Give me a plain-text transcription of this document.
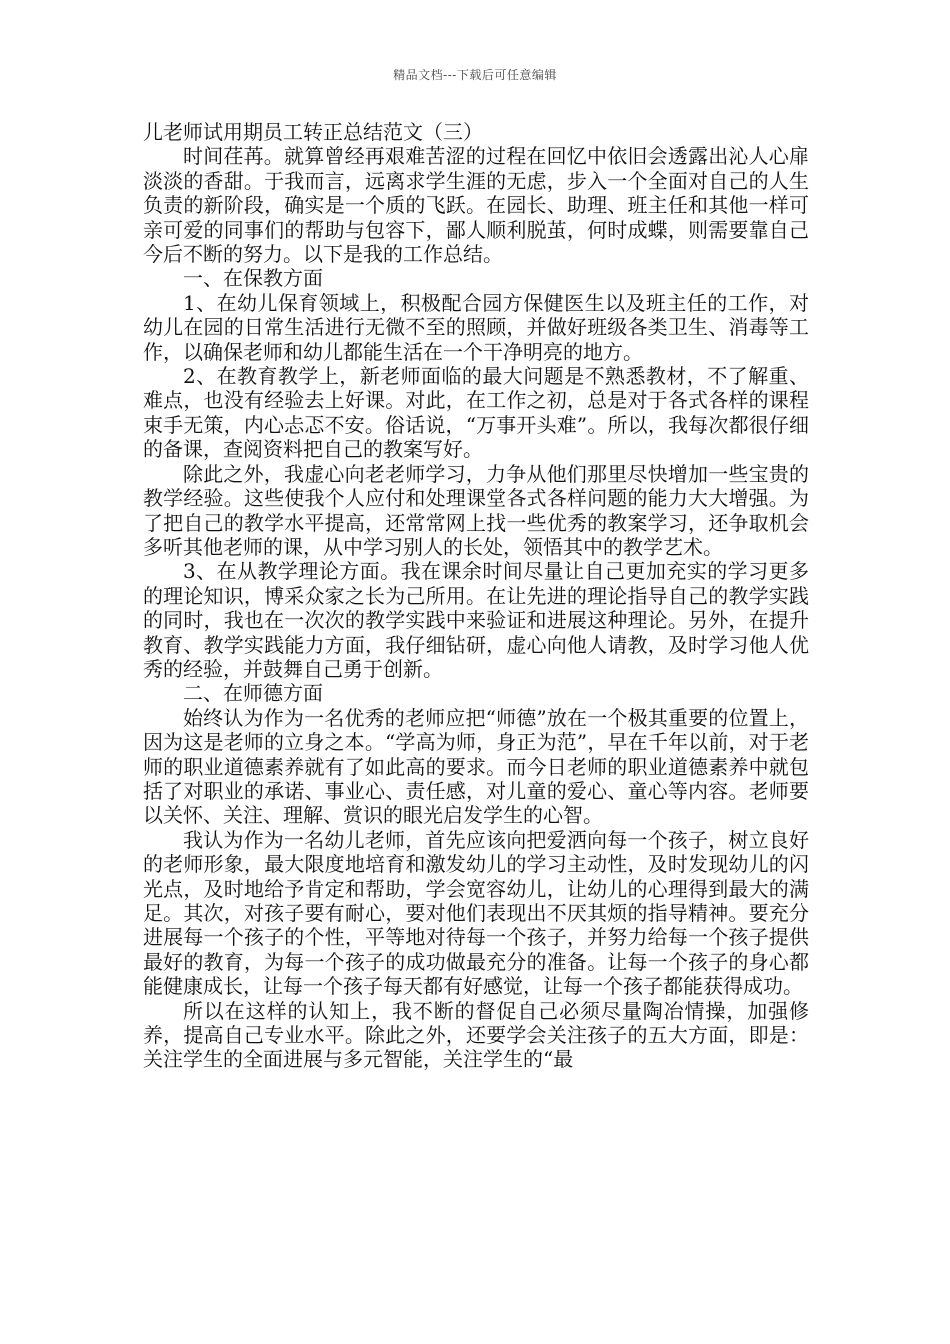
精品文档---下载后可任意编辑

儿老师试用期员工转正总结范文（三）

时间荏苒。就算曾经再艰难苦涩的过程在回忆中依旧会透露出沁人心扉淡淡的香甜。于我而言，远离求学生涯的无虑，步入一个全面对自己的人生负责的新阶段，确实是一个质的飞跃。在园长、助理、班主任和其他一样可亲可爱的同事们的帮助与包容下，鄙人顺利脱茧，何时成蝶，则需要靠自己今后不断的努力。以下是我的工作总结。

一、在保教方面

1、在幼儿保育领域上，积极配合园方保健医生以及班主任的工作，对幼儿在园的日常生活进行无微不至的照顾，并做好班级各类卫生、消毒等工作，以确保老师和幼儿都能生活在一个干净明亮的地方。

2、在教育教学上，新老师面临的最大问题是不熟悉教材，不了解重、难点，也没有经验去上好课。对此，在工作之初，总是对于各式各样的课程束手无策，内心忐忑不安。俗话说，“万事开头难”。所以，我每次都很仔细的备课，查阅资料把自己的教案写好。

除此之外，我虚心向老老师学习，力争从他们那里尽快增加一些宝贵的教学经验。这些使我个人应付和处理课堂各式各样问题的能力大大增强。为了把自己的教学水平提高，还常常网上找一些优秀的教案学习，还争取机会多听其他老师的课，从中学习别人的长处，领悟其中的教学艺术。

3、在从教学理论方面。我在课余时间尽量让自己更加充实的学习更多的理论知识，博采众家之长为己所用。在让先进的理论指导自己的教学实践的同时，我也在一次次的教学实践中来验证和进展这种理论。另外，在提升教育、教学实践能力方面，我仔细钻研，虚心向他人请教，及时学习他人优秀的经验，并鼓舞自己勇于创新。

二、在师德方面

始终认为作为一名优秀的老师应把“师德”放在一个极其重要的位置上，因为这是老师的立身之本。“学高为师，身正为范”，早在千年以前，对于老师的职业道德素养就有了如此高的要求。而今日老师的职业道德素养中就包括了对职业的承诺、事业心、责任感，对儿童的爱心、童心等内容。老师要以关怀、关注、理解、赏识的眼光启发学生的心智。

我认为作为一名幼儿老师，首先应该向把爱洒向每一个孩子，树立良好的老师形象，最大限度地培育和激发幼儿的学习主动性，及时发现幼儿的闪光点，及时地给予肯定和帮助，学会宽容幼儿，让幼儿的心理得到最大的满足。其次，对孩子要有耐心，要对他们表现出不厌其烦的指导精神。要充分进展每一个孩子的个性，平等地对待每一个孩子，并努力给每一个孩子提供最好的教育，为每一个孩子的成功做最充分的准备。让每一个孩子的身心都能健康成长，让每一个孩子每天都有好感觉，让每一个孩子都能获得成功。

所以在这样的认知上，我不断的督促自己必须尽量陶冶情操，加强修养，提高自己专业水平。除此之外，还要学会关注孩子的五大方面，即是：关注学生的全面进展与多元智能，关注学生的“最
